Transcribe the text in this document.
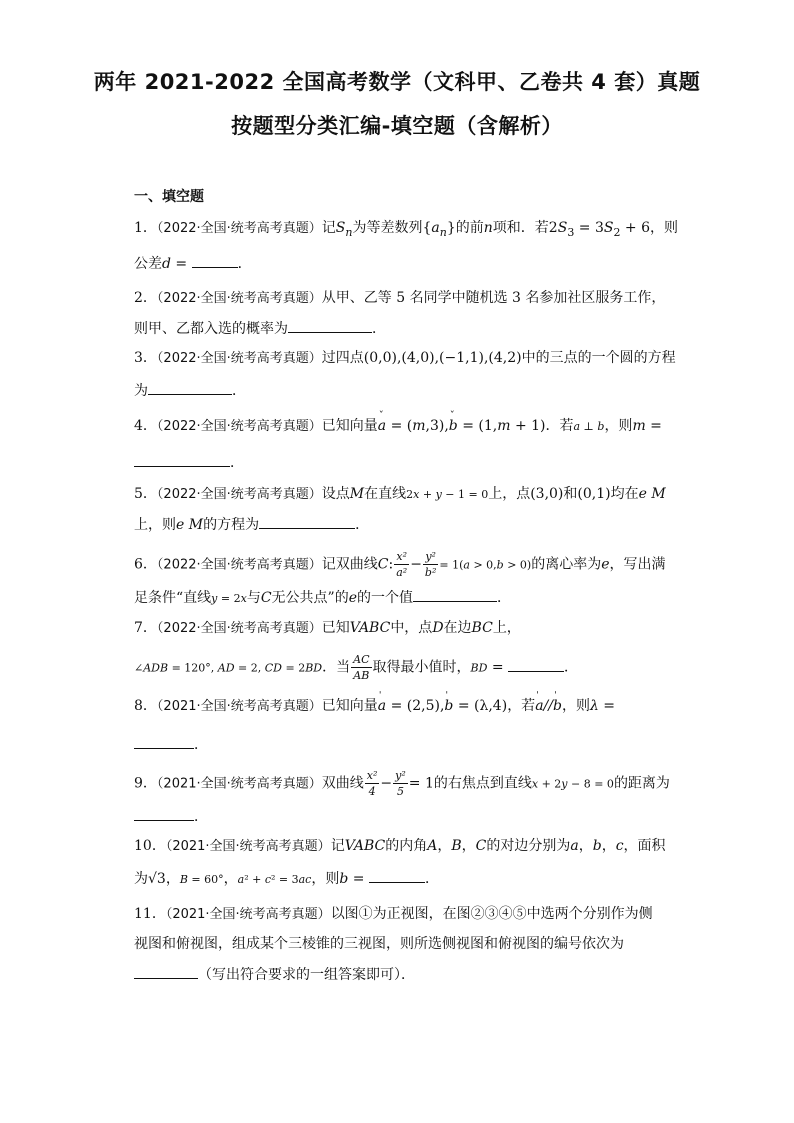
两年 2021-2022 全国高考数学（文科甲、乙卷共 4 套）真题
按题型分类汇编-填空题（含解析）
一、填空题
1．（2022·全国·统考高考真题）记$S_n$为等差数列$\{a_n\}$的前n项和．若$2S_3 = 3S_2 + 6$，则
公差d =	．
2．（2022·全国·统考高考真题）从甲、乙等 5 名同学中随机选 3 名参加社区服务工作，
则甲、乙都入选的概率为	．
3．（2022·全国·统考高考真题）过四点(0,0),(4,0),(−1,1),(4,2)中的三点的一个圆的方程
为	．
4．（2022·全国·统考高考真题）已知向量ˇ a = (m,3),ˇ b = (1,m + 1)．若a ⊥ b，则m =
．
5．（2022·全国·统考高考真题）设点M在直线2x + y − 1 = 0上，点(3,0)和(0,1)均在e M
上，则e M的方程为	．
6．（2022·全国·统考高考真题）记双曲线C: $\frac{\text{x²}}{\text{a²}} - \frac{\text{y²}}{\text{b²}} = 1(a > 0,b > 0)$的离心率为e，写出满
足条件“直线y = 2x与C无公共点”的e的一个值	．
7．（2022·全国·统考高考真题）已知VABC中，点D在边BC上，
∠ADB = 120°, AD = 2, CD = 2BD．当 $\frac{AC}{AB}$ 取得最小值时，BD =	．
8．（2021·全国·统考高考真题）已知向量ˈ a = (2,5),ˈ b = (λ,4)，若ˈ a//ˈ b，则λ =
．
9．（2021·全国·统考高考真题）双曲线 $\frac{\text{x²}}{4} - \frac{\text{y²}}{5} = 1$的右焦点到直线x + 2y − 8 = 0的距离为
．
10．（2021·全国·统考高考真题）记VABC的内角A，B，C的对边分别为a，b，c，面积
为√3，B = 60°，a² + c² = 3ac，则b =	．
11．（2021·全国·统考高考真题）以图①为正视图，在图②③④⑤中选两个分别作为侧
视图和俯视图，组成某个三棱锥的三视图，则所选侧视图和俯视图的编号依次为
（写出符合要求的一组答案即可）．
